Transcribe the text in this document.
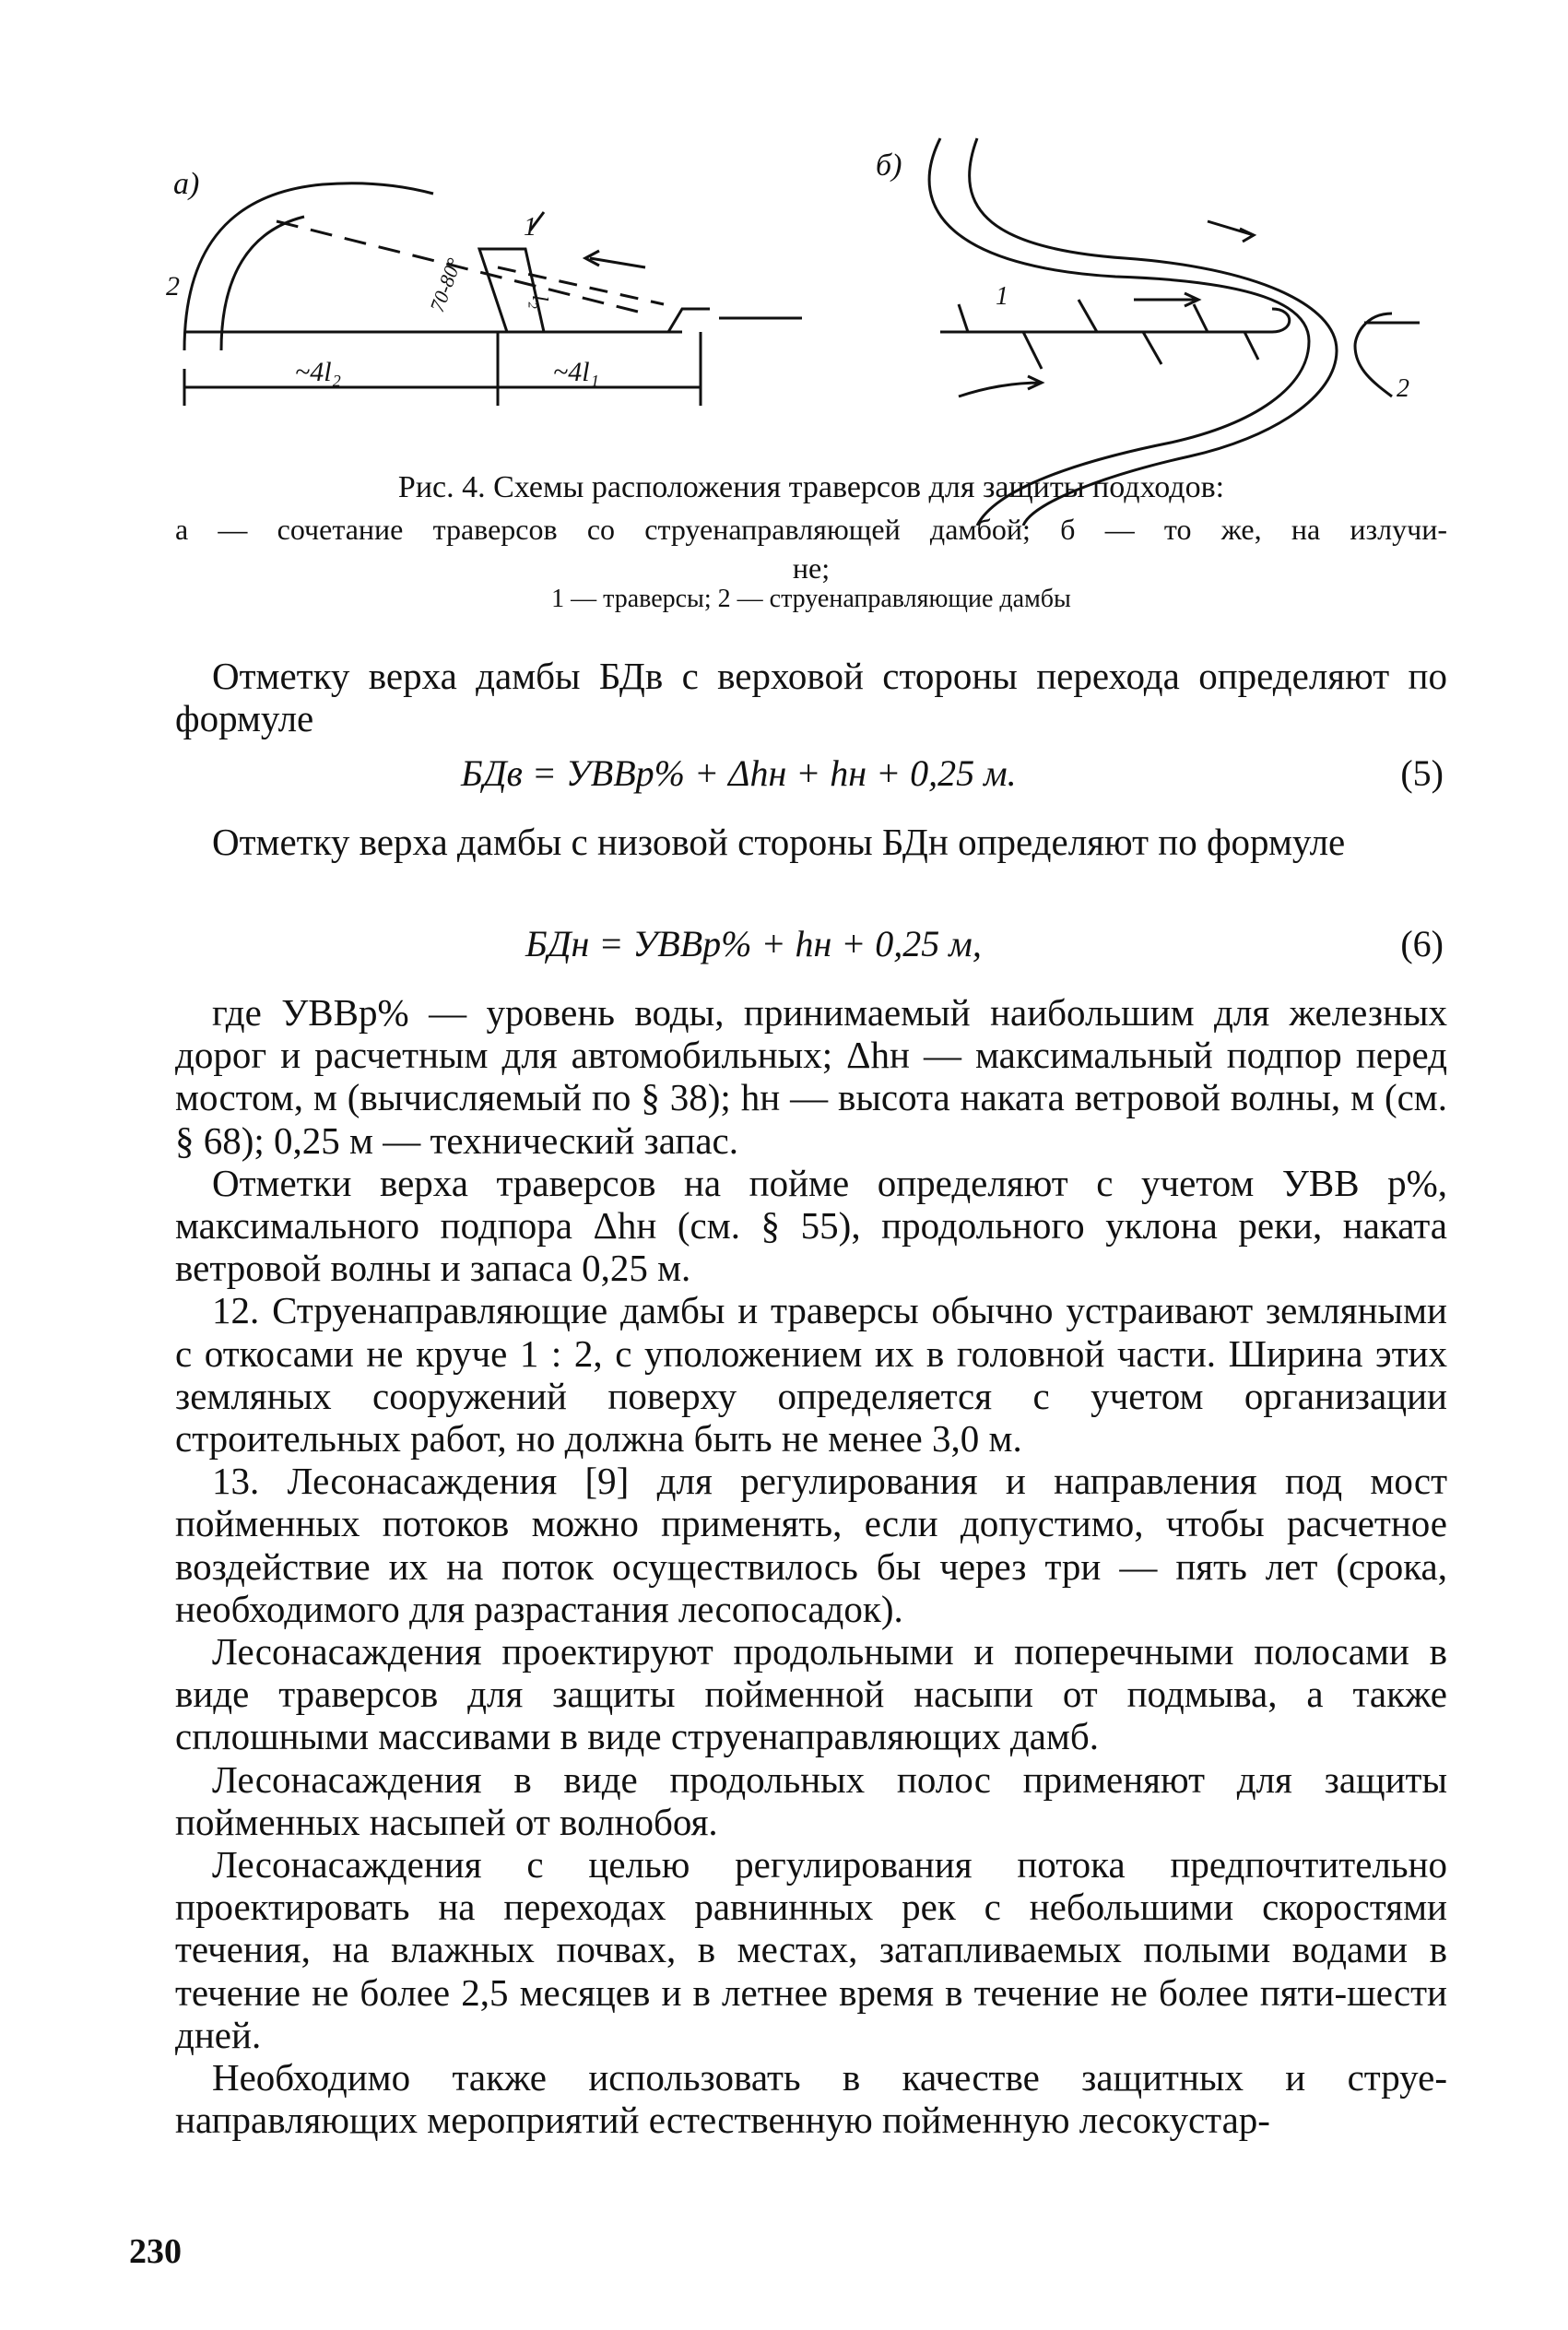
а)
~4l₂	~4l₁
2
1
70-80°	l₂
б)
1
2
Рис. 4. Схемы расположения траверсов для защиты подходов:
а — сочетание траверсов со струенаправляющей дамбой; б — то же, на излучи-
не;
1 — траверсы; 2 — струенаправляющие дамбы

Отметку верха дамбы БДв с верховой стороны перехода определяют по формуле

БДв = УВВр% + Δhн + hн + 0,25 м.	(5)

Отметку верха дамбы с низовой стороны БДн определяют по формуле

БДн = УВВр% + hн + 0,25 м,	(6)

где УВВр% — уровень воды, принимаемый наибольшим для железных дорог и расчетным для автомобильных; Δhн — максимальный подпор перед мостом, м (вычисляемый по § 38); hн — высота наката ветровой волны, м (см. § 68); 0,25 м — технический запас.

Отметки верха траверсов на пойме определяют с учетом УВВ р%, максимального подпора Δhн (см. § 55), продольного уклона реки, наката ветровой волны и запаса 0,25 м.

12. Струенаправляющие дамбы и траверсы обычно устраивают земляными с откосами не круче 1 : 2, с уположением их в головной части. Ширина этих земляных сооружений поверху определяется с учетом организации строительных работ, но должна быть не менее 3,0 м.

13. Лесонасаждения [9] для регулирования и направления под мост пойменных потоков можно применять, если допустимо, чтобы расчетное воздействие их на поток осуществилось бы через три — пять лет (срока, необходимого для разрастания лесопосадок).

Лесонасаждения проектируют продольными и поперечными полосами в виде траверсов для защиты пойменной насыпи от подмыва, а также сплошными массивами в виде струенаправляющих дамб.

Лесонасаждения в виде продольных полос применяют для защиты пойменных насыпей от волнобоя.

Лесонасаждения с целью регулирования потока предпочтительно проектировать на переходах равнинных рек с небольшими скоростями течения, на влажных почвах, в местах, затапливаемых полыми водами в течение не более 2,5 месяцев и в летнее время в течение не более пяти-шести дней.

Необходимо также использовать в качестве защитных и струенаправляющих мероприятий естественную пойменную лесокустар-

230
